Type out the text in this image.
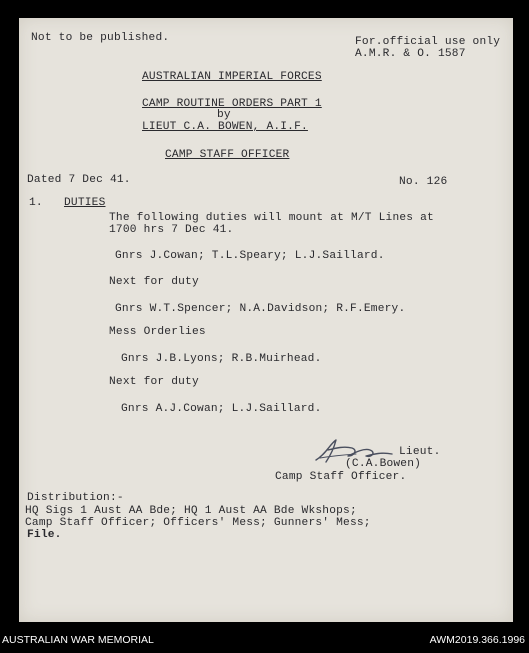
Not to be published.	For.official use only
A.M.R. & O. 1587
AUSTRALIAN IMPERIAL FORCES
CAMP ROUTINE ORDERS PART 1
by
LIEUT C.A. BOWEN, A.I.F.
CAMP STAFF OFFICER
Dated 7 Dec 41.	No. 126
1. DUTIES
The following duties will mount at M/T Lines at
1700 hrs 7 Dec 41.
Gnrs J.Cowan; T.L.Speary; L.J.Saillard.
Next for duty
Gnrs W.T.Spencer; N.A.Davidson; R.F.Emery.
Mess Orderlies
Gnrs J.B.Lyons; R.B.Muirhead.
Next for duty
Gnrs A.J.Cowan; L.J.Saillard.
Lieut.
(C.A.Bowen)
Camp Staff Officer.
Distribution:-
HQ Sigs 1 Aust AA Bde; HQ 1 Aust AA Bde Wkshops;
Camp Staff Officer; Officers' Mess; Gunners' Mess;
File.
AUSTRALIAN WAR MEMORIAL	AWM2019.366.1996
